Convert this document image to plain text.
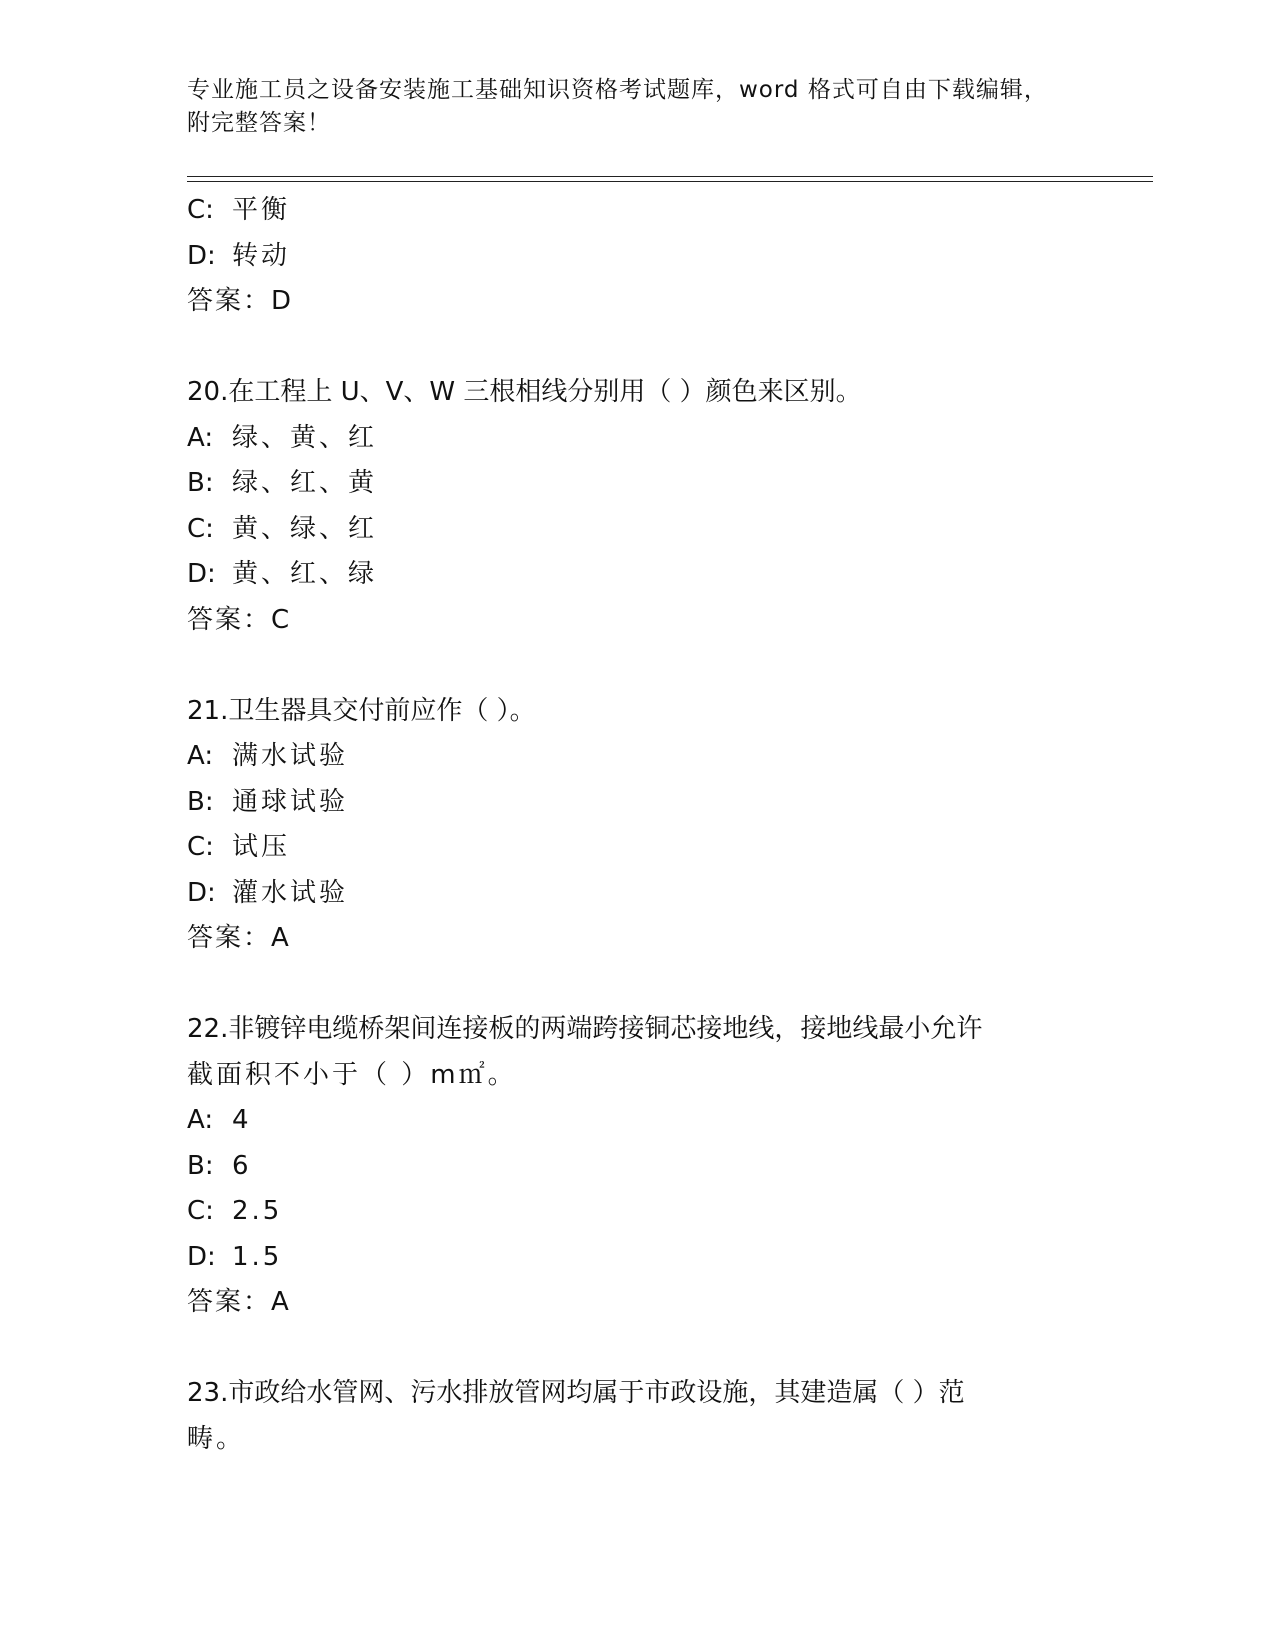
专业施工员之设备安装施工基础知识资格考试题库，word 格式可自由下载编辑，
附完整答案！
C: 平衡
D: 转动
答案：D
20.在工程上 U、V、W 三根相线分别用（ ）颜色来区别。
A: 绿、黄、红
B: 绿、红、黄
C: 黄、绿、红
D: 黄、红、绿
答案：C
21.卫生器具交付前应作（ ）。
A: 满水试验
B: 通球试验
C: 试压
D: 灌水试验
答案：A
22.非镀锌电缆桥架间连接板的两端跨接铜芯接地线，接地线最小允许
截面积不小于（ ）m㎡。
A: 4
B: 6
C: 2.5
D: 1.5
答案：A
23.市政给水管网、污水排放管网均属于市政设施，其建造属（ ）范
畴。
